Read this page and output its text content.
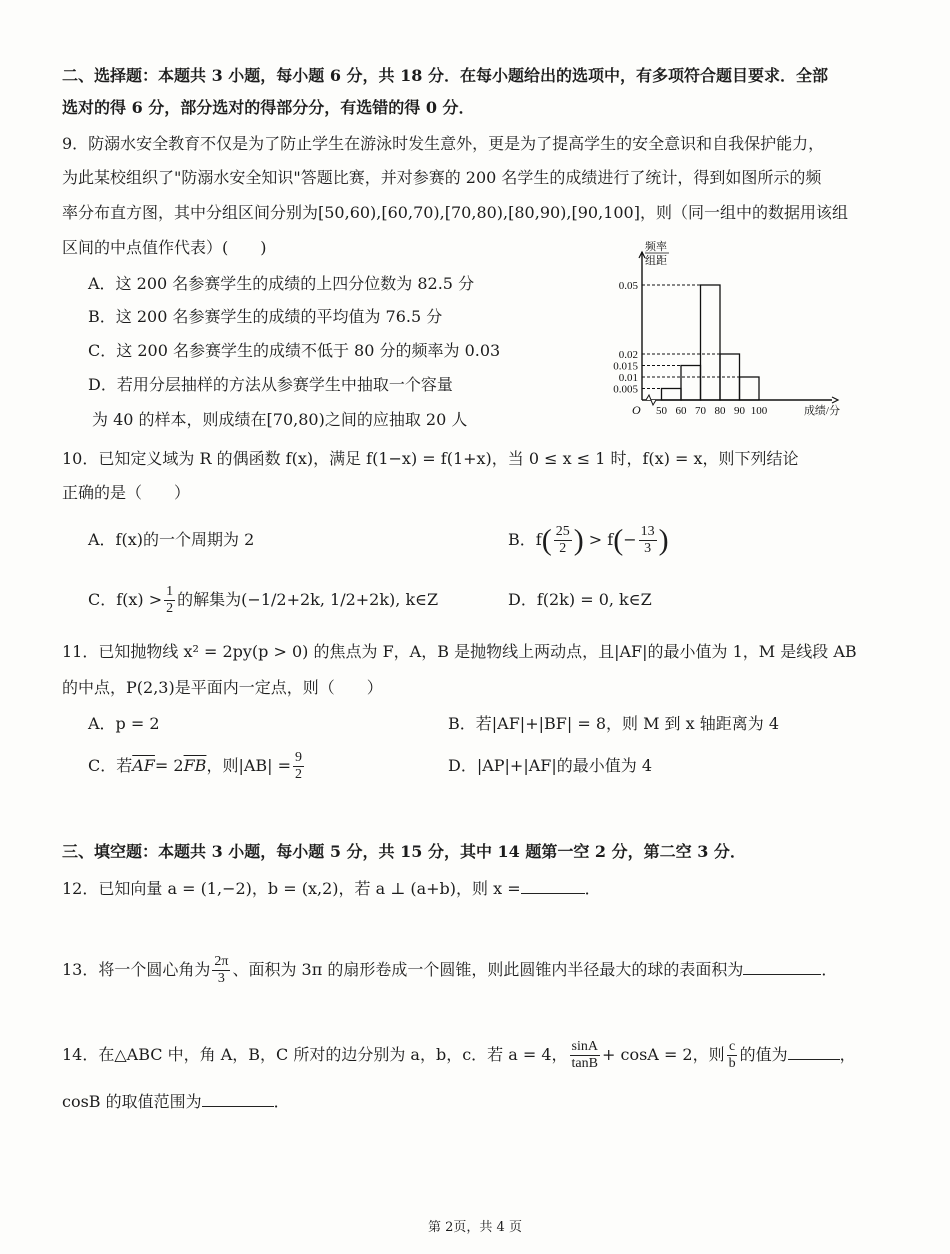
二、选择题：本题共 3 小题，每小题 6 分，共 18 分．在每小题给出的选项中，有多项符合题目要求．全部
选对的得 6 分，部分选对的得部分分，有选错的得 0 分．
9．防溺水安全教育不仅是为了防止学生在游泳时发生意外，更是为了提高学生的安全意识和自我保护能力，
为此某校组织了"防溺水安全知识"答题比赛，并对参赛的 200 名学生的成绩进行了统计，得到如图所示的频
率分布直方图，其中分组区间分别为[50,60),[60,70),[70,80),[80,90),[90,100]，则（同一组中的数据用该组
区间的中点值作代表）(　　)
A．这 200 名参赛学生的成绩的上四分位数为 82.5 分
B．这 200 名参赛学生的成绩的平均值为 76.5 分
C．这 200 名参赛学生的成绩不低于 80 分的频率为 0.03
D．若用分层抽样的方法从参赛学生中抽取一个容量
为 40 的样本，则成绩在[70,80)之间的应抽取 20 人
0.005
0.01
0.015
0.02
0.05
50 60 70 80 90 100
O
频率
组距
成绩/分
10．已知定义域为 R 的偶函数 f(x)，满足 f(1−x) = f(1+x)，当 0 ≤ x ≤ 1 时，f(x) = x，则下列结论
正确的是（　　）
A．f(x)的一个周期为 2	B．$f( \frac{25}{2}$ ) > $f(- \frac{13}{3}$ )
C．$f(x) > \frac{1}{2}$ 的解集为(−1/2+2k, 1/2+2k), k∈Z	D．f(2k) = 0, k∈Z
11．已知抛物线 x² = 2py(p > 0) 的焦点为 F，A，B 是抛物线上两动点，且|AF|的最小值为 1，M 是线段 AB
的中点，P(2,3)是平面内一定点，则（　　）
A．p = 2	B．若|AF|+|BF| = 8，则 M 到 x 轴距离为 4
C．若$\overline{AF}= 2\overline{FB}$，则$|AB| = \frac{9}{2}$	D．|AP|+|AF|的最小值为 4
三、填空题：本题共 3 小题，每小题 5 分，共 15 分，其中 14 题第一空 2 分，第二空 3 分．
12．已知向量 a = (1,−2)，b = (x,2)，若 a ⊥ (a+b)，则 x =	．
13．将一个圆心角为 $\frac{2\pi}{3}$ 、面积为 3π 的扇形卷成一个圆锥，则此圆锥内半径最大的球的表面积为	．
14．在△ABC 中，角 A，B，C 所对的边分别为 a，b，c．若 a = 4， $\frac{\sin A}{\tan B} + \cos A = 2$，则 $\frac{c}{b}$ 的值为	，
cosB 的取值范围为	．
第 2页，共 4 页
